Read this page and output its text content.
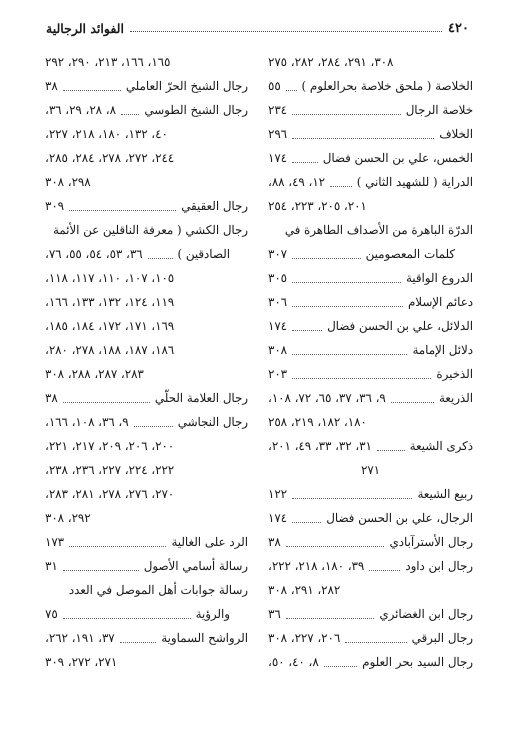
٤٢٠
الفوائد الرجالية
٣٠٨، ٢٩١، ٢٨٤، ٢٨٢، ٢٧٥
الخلاصة ( ملحق خلاصة بحرالعلوم )
٥٥
خلاصة الرجال
٢٣٤
الخلاف
٢٩٦
الخمس، علي بن الحسن فضال
١٧٤
الدراية ( للشهيد الثاني )
١٢، ٤٩، ٨٨،
٢٠١، ٢٠٥، ٢٢٣، ٢٥٤
الدرّة الباهرة من الأصداف الطاهرة في
كلمات المعصومين
٣٠٧
الدروع الواقية
٣٠٥
دعائم الإسلام
٣٠٦
الدلائل، علي بن الحسن فضال
١٧٤
دلائل الإمامة
٣٠٨
الذخيرة
٢٠٣
الذريعة
٩، ٣٦، ٣٧، ٦٥، ٧٢، ١٠٨،
١٨٠، ١٨٢، ٢١٩، ٢٥٨
ذكرى الشيعة
٣١، ٣٢، ٣٣، ٤٩، ٢٠١،
٢٧١
ربيع الشيعة
١٢٢
الرجال، علي بن الحسن فضال
١٧٤
رجال الأسترآبادي
٣٨
رجال ابن داود
٣٩، ١٨٠، ٢١٨، ٢٢٢،
٢٨٢، ٢٩١، ٣٠٨
رجال ابن الغضائري
٣٦
رجال البرقي
٢٠٦، ٢٢٧، ٣٠٨
رجال السيد بحر العلوم
٨، ٤٠، ٥٠،
١٦٥، ١٦٦، ٢١٣، ٢٩٠، ٢٩٢
رجال الشيخ الحرّ العاملي
٣٨
رجال الشيخ الطوسي
٨، ٢٨، ٢٩، ٣٦،
٤٠، ١٣٢، ١٨٠، ٢١٨، ٢٢٧،
٢٤٤، ٢٧٢، ٢٧٨، ٢٨٤، ٢٨٥،
٢٩٨، ٣٠٨
رجال العقيقي
٣٠٩
رجال الكشي ( معرفة الناقلين عن الأئمة
الصادقين )
٣٦، ٥٣، ٥٤، ٥٥، ٧٦،
١٠٥، ١٠٧، ١١٠، ١١٧، ١١٨،
١١٩، ١٢٤، ١٣٢، ١٣٣، ١٦٦،
١٦٩، ١٧١، ١٧٢، ١٨٤، ١٨٥،
١٨٦، ١٨٧، ١٨٨، ٢٧٨، ٢٨٠،
٢٨٣، ٢٨٧، ٢٨٨، ٣٠٨
رجال العلامة الحلّي
٣٨
رجال النجاشي
٩، ٣٦، ١٠٨، ١٦٦،
٢٠٠، ٢٠٦، ٢٠٩، ٢١٧، ٢٢١،
٢٢٢، ٢٢٤، ٢٢٧، ٢٣٦، ٢٣٨،
٢٧٠، ٢٧٦، ٢٧٨، ٢٨١، ٢٨٣،
٢٩٢، ٣٠٨
الرد على الغالية
١٧٣
رسالة أسامي الأصول
٣١
رسالة جوابات أهل الموصل في العدد
والرؤية
٧٥
الرواشح السماوية
٣٧، ١٩١، ٢٦٢،
٢٧١، ٢٧٢، ٣٠٩
